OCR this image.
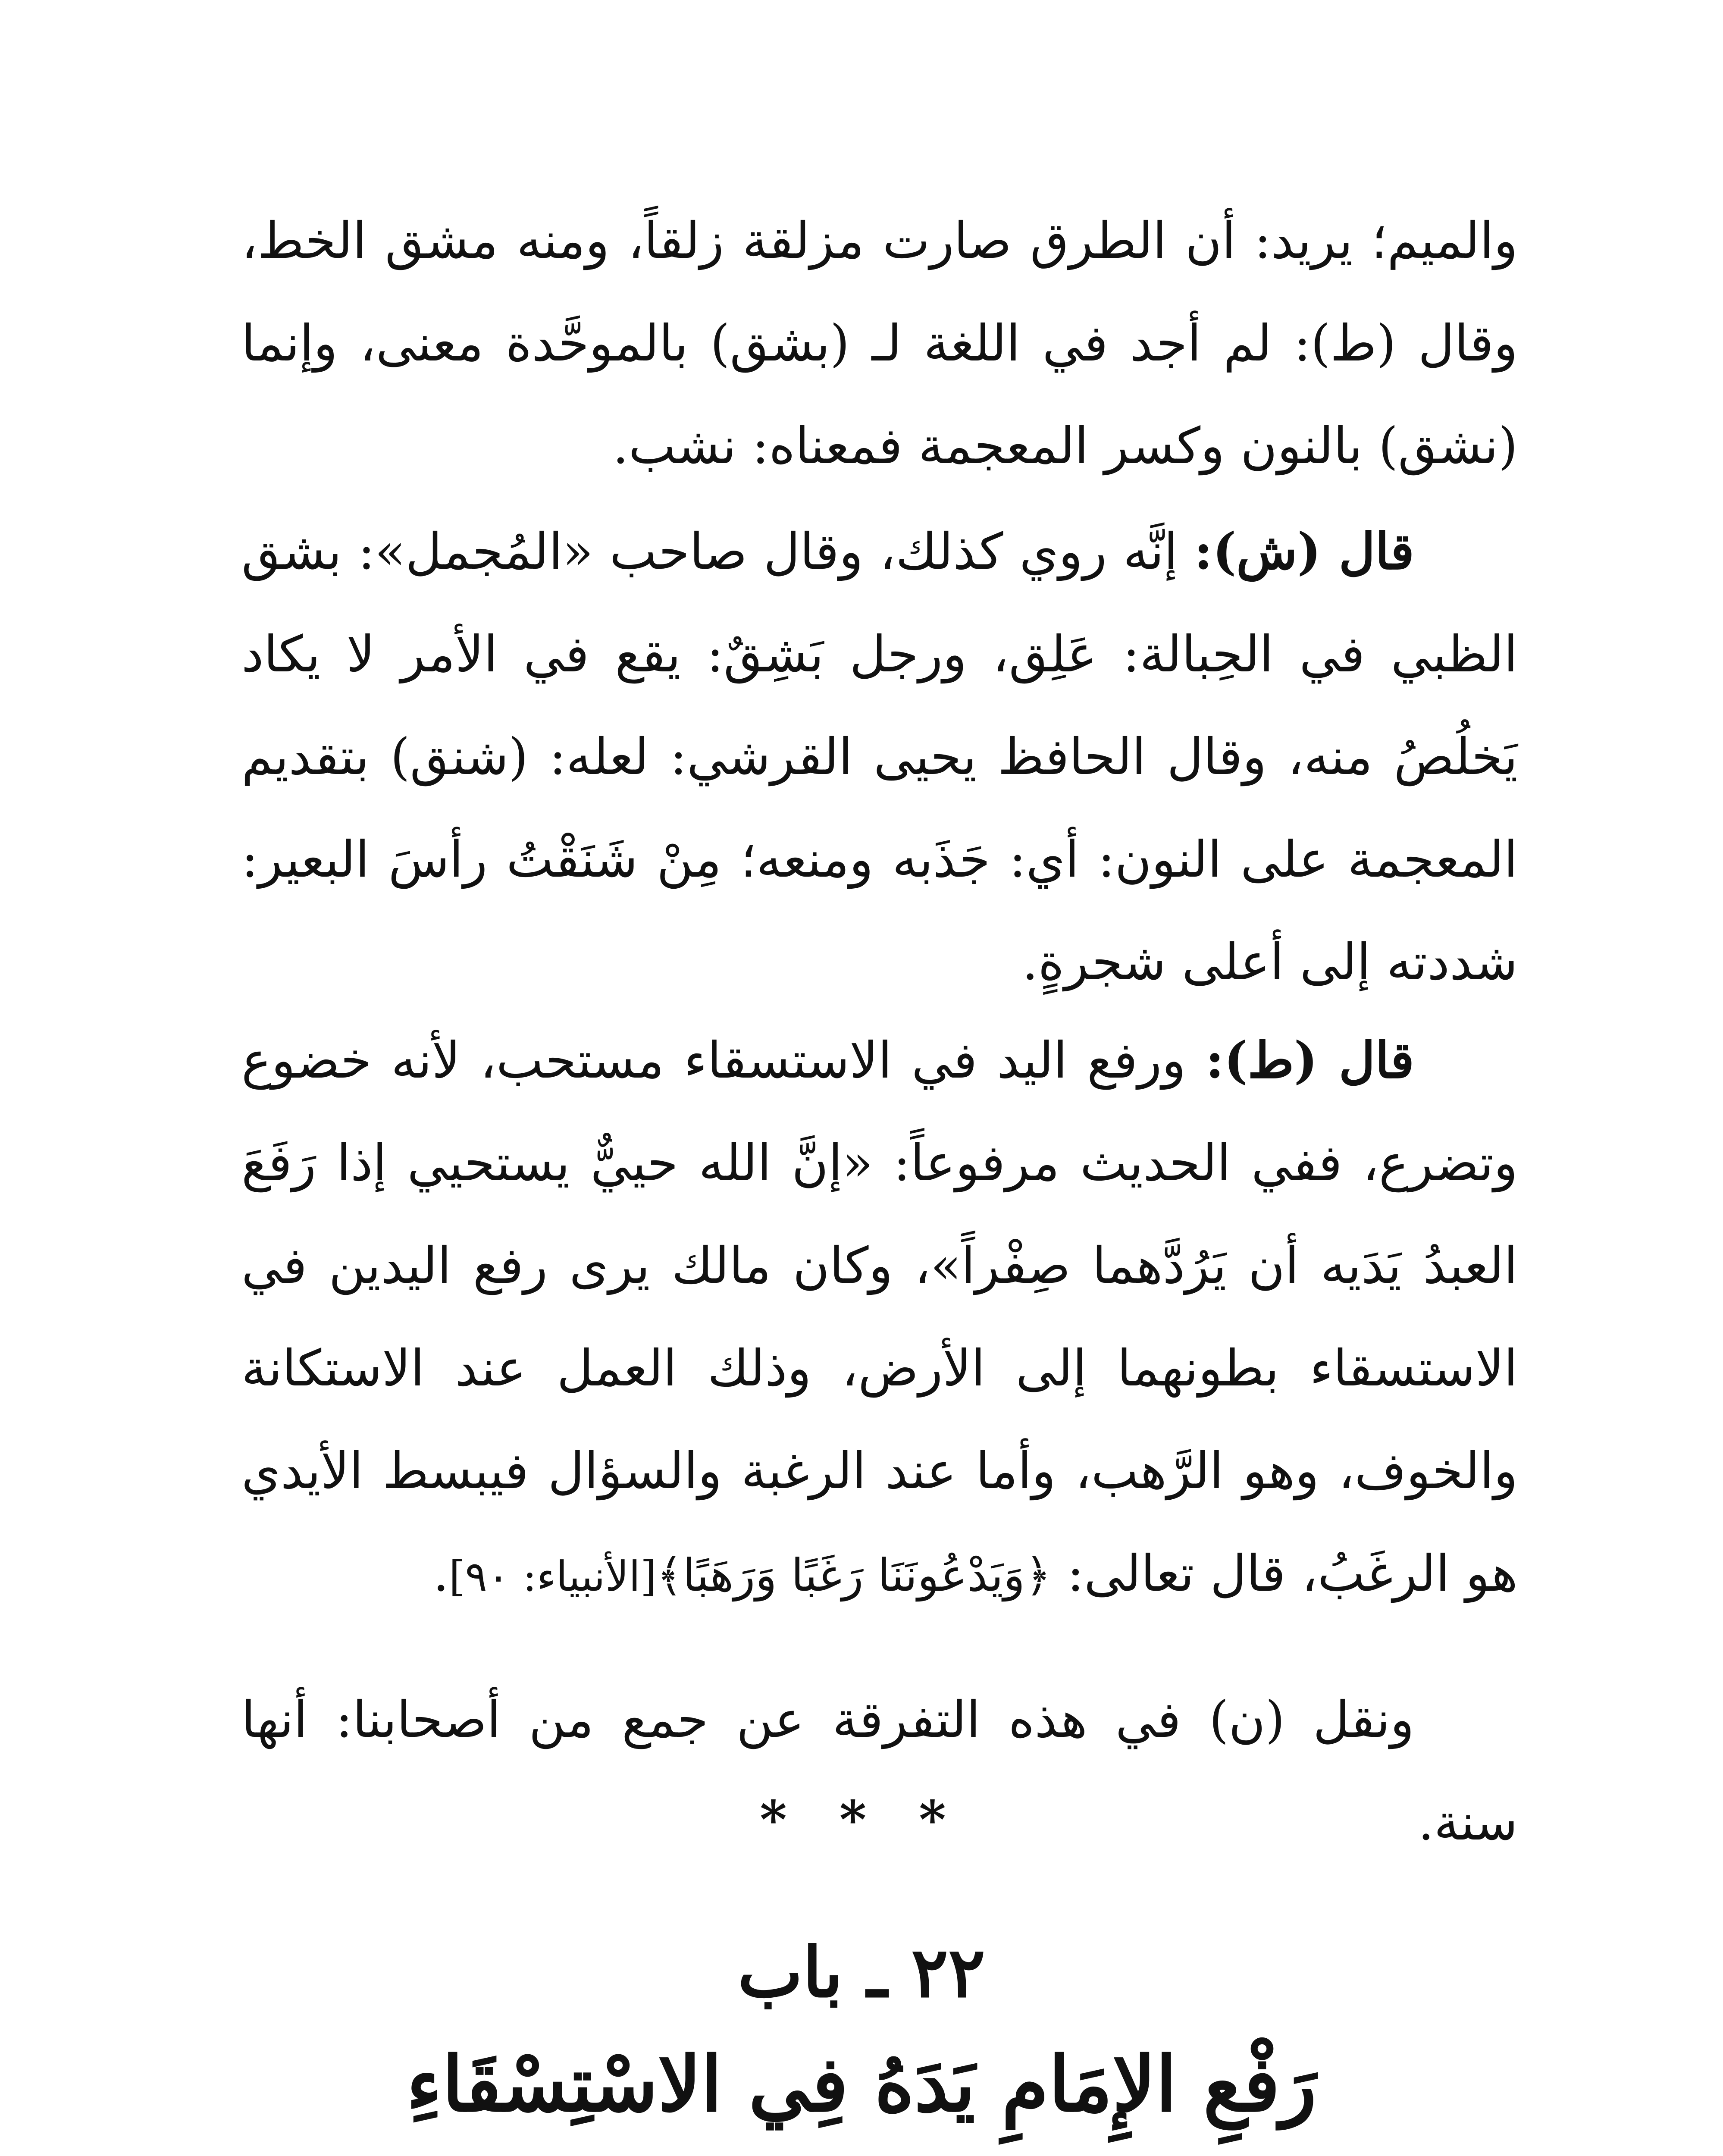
والميم؛ يريد: أن الطرق صارت مزلقة زلقاً، ومنه مشق الخط، وقال (ط): لم أجد في اللغة لـ (بشق) بالموحَّدة معنى، وإنما (نشق) بالنون وكسر المعجمة فمعناه: نشب.

قال (ش): إنَّه روي كذلك، وقال صاحب «المُجمل»: بشق الظبي في الحِبالة: عَلِق، ورجل بَشِقٌ: يقع في الأمر لا يكاد يَخلُصُ منه، وقال الحافظ يحيى القرشي: لعله: (شنق) بتقديم المعجمة على النون: أي: جَذَبه ومنعه؛ مِنْ شَنَقْتُ رأسَ البعير: شددته إلى أعلى شجرةٍ.

قال (ط): ورفع اليد في الاستسقاء مستحب، لأنه خضوع وتضرع، ففي الحديث مرفوعاً: «إنَّ الله حييٌّ يستحيي إذا رَفَعَ العبدُ يَدَيه أن يَرُدَّهما صِفْراً»، وكان مالك يرى رفع اليدين في الاستسقاء بطونهما إلى الأرض، وذلك العمل عند الاستكانة والخوف، وهو الرَّهب، وأما عند الرغبة والسؤال فيبسط الأيدي هو الرغَبُ، قال تعالى: ﴿وَيَدْعُونَنَا رَغَبًا وَرَهَبًا﴾[الأنبياء: ٩٠].

ونقل (ن) في هذه التفرقة عن جمع من أصحابنا: أنها سنة.

* * *
٢٢ ـ باب
رَفْعِ الإِمَامِ يَدَهُ فِي الاسْتِسْقَاءِ
